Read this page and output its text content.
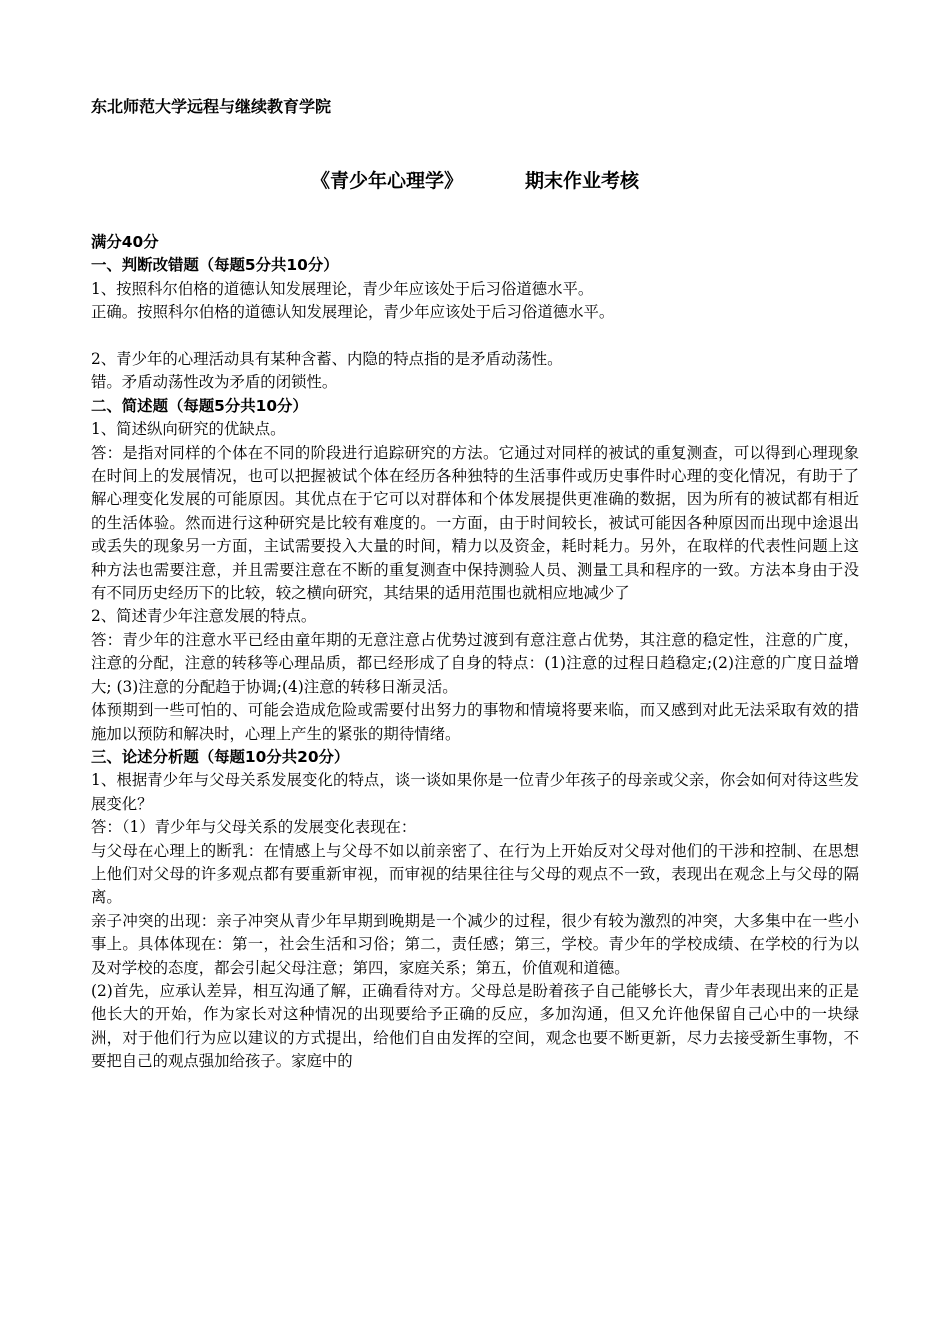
东北师范大学远程与继续教育学院
《青少年心理学》	期末作业考核

满分40分

一、判断改错题（每题5分共10分）

1、按照科尔伯格的道德认知发展理论，青少年应该处于后习俗道德水平。

正确。按照科尔伯格的道德认知发展理论，青少年应该处于后习俗道德水平。

2、青少年的心理活动具有某种含蓄、内隐的特点指的是矛盾动荡性。

错。矛盾动荡性改为矛盾的闭锁性。

二、简述题（每题5分共10分）

1、简述纵向研究的优缺点。

答：是指对同样的个体在不同的阶段进行追踪研究的方法。它通过对同样的被试的重复测查，可以得到心理现象在时间上的发展情况，也可以把握被试个体在经历各种独特的生活事件或历史事件时心理的变化情况，有助于了解心理变化发展的可能原因。其优点在于它可以对群体和个体发展提供更准确的数据，因为所有的被试都有相近的生活体验。然而进行这种研究是比较有难度的。一方面，由于时间较长，被试可能因各种原因而出现中途退出或丢失的现象另一方面，主试需要投入大量的时间，精力以及资金，耗时耗力。另外，在取样的代表性问题上这种方法也需要注意，并且需要注意在不断的重复测查中保持测验人员、测量工具和程序的一致。方法本身由于没有不同历史经历下的比较，较之横向研究，其结果的适用范围也就相应地减少了

2、简述青少年注意发展的特点。

答：青少年的注意水平已经由童年期的无意注意占优势过渡到有意注意占优势，其注意的稳定性，注意的广度，注意的分配，注意的转移等心理品质，都已经形成了自身的特点：(1)注意的过程日趋稳定;(2)注意的广度日益增大; (3)注意的分配趋于协调;(4)注意的转移日渐灵活。

体预期到一些可怕的、可能会造成危险或需要付出努力的事物和情境将要来临，而又感到对此无法采取有效的措施加以预防和解决时，心理上产生的紧张的期待情绪。

三、论述分析题（每题10分共20分）

1、根据青少年与父母关系发展变化的特点，谈一谈如果你是一位青少年孩子的母亲或父亲，你会如何对待这些发展变化？

答：（1）青少年与父母关系的发展变化表现在：

与父母在心理上的断乳：在情感上与父母不如以前亲密了、在行为上开始反对父母对他们的干涉和控制、在思想上他们对父母的许多观点都有要重新审视，而审视的结果往往与父母的观点不一致，表现出在观念上与父母的隔离。

亲子冲突的出现：亲子冲突从青少年早期到晚期是一个减少的过程，很少有较为激烈的冲突，大多集中在一些小事上。具体体现在：第一，社会生活和习俗；第二，责任感；第三，学校。青少年的学校成绩、在学校的行为以及对学校的态度，都会引起父母注意；第四，家庭关系；第五，价值观和道德。

(2)首先，应承认差异，相互沟通了解，正确看待对方。父母总是盼着孩子自己能够长大，青少年表现出来的正是他长大的开始，作为家长对这种情况的出现要给予正确的反应，多加沟通，但又允许他保留自己心中的一块绿洲，对于他们行为应以建议的方式提出，给他们自由发挥的空间，观念也要不断更新，尽力去接受新生事物，不要把自己的观点强加给孩子。家庭中的
